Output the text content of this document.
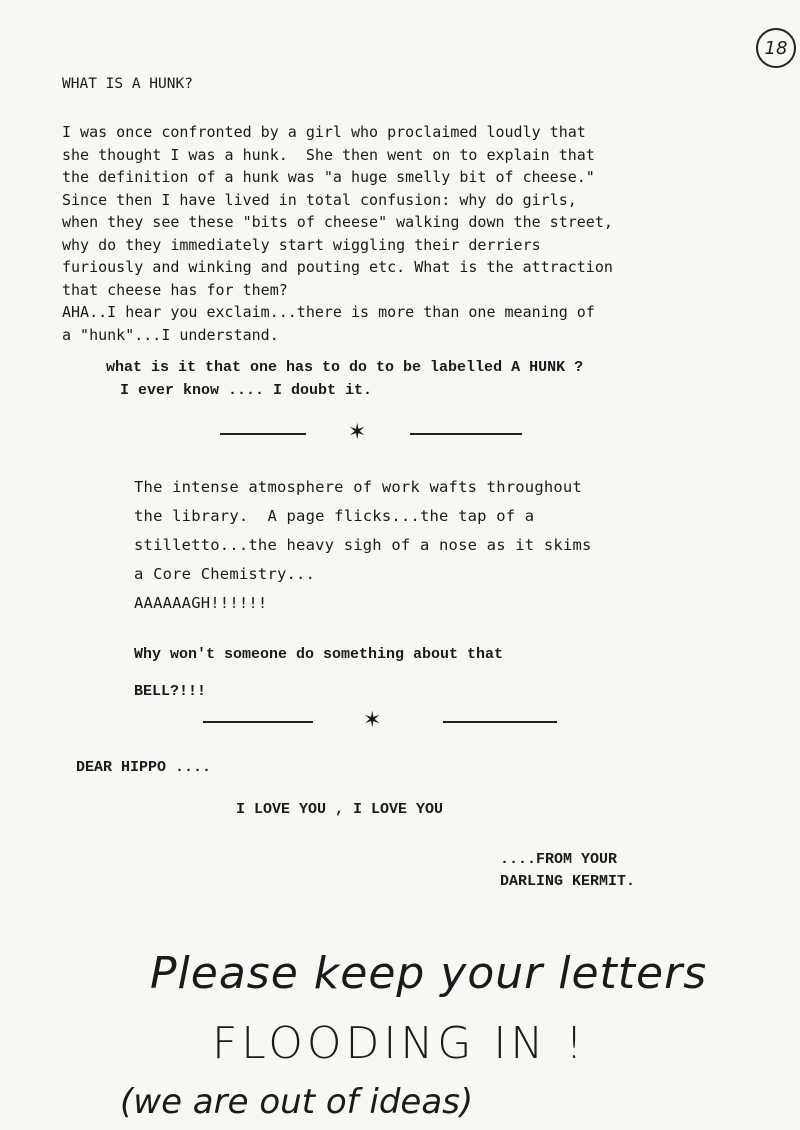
18
WHAT IS A HUNK?
I was once confronted by a girl who proclaimed loudly that
she thought I was a hunk.  She then went on to explain that
the definition of a hunk was "a huge smelly bit of cheese."
Since then I have lived in total confusion: why do girls,
when they see these "bits of cheese" walking down the street,
why do they immediately start wiggling their derriers
furiously and winking and pouting etc. What is the attraction
that cheese has for them?
AHA..I hear you exclaim...there is more than one meaning of
a "hunk"...I understand.
what is it that one has to do to be labelled A HUNK ?
I ever know .... I doubt it.
✶
The intense atmosphere of work wafts throughout
the library.  A page flicks...the tap of a
stilletto...the heavy sigh of a nose as it skims
a Core Chemistry...
AAAAAAGH!!!!!!
Why won't someone do something about that
BELL?!!!
✶
DEAR HIPPO ....
I LOVE YOU , I LOVE YOU
....FROM YOUR
DARLING KERMIT.
Please keep your letters
FLOODING IN !
(we are out of ideas)
